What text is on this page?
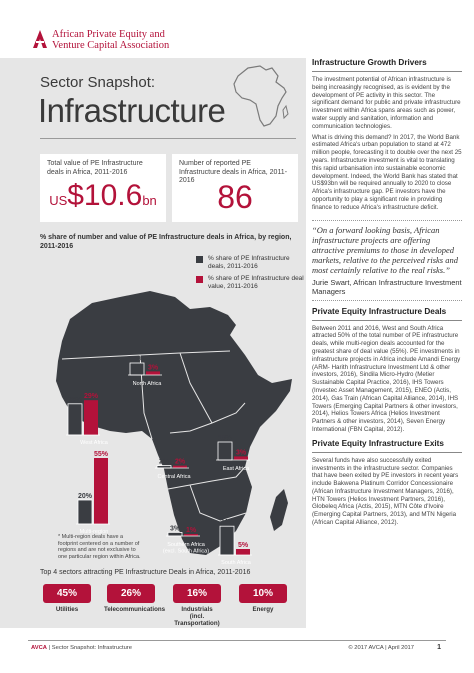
African Private Equity and
Venture Capital Association
Sector Snapshot:
Infrastructure
Total value of PE Infrastructure deals in Africa, 2011-2016
US$10.6bn
Number of reported PE Infrastructure deals in Africa, 2011-2016 86
% share of number and value of PE Infrastructure deals in Africa, by region, 2011-2016
% share of PE Infrastructure deals, 2011-2016
% share of PE Infrastructure deal value, 2011-2016
10%
3%
North Africa
26%
29%
West Africa
2% 2%
Central Africa
15%
3%
East Africa
20%
55%
Multi-region	3% 1%
Southern Africa
(excl. South Africa)
24%
5%
South Africa
* Multi-region deals have a footprint centered on a number of regions and are not exclusive to one particular region within Africa.
Top 4 sectors attracting PE Infrastructure Deals in Africa, 2011-2016
45%
Utilities
26%
Telecommunications
16%
Industrials
(incl. Transportation)
10%
Energy
Infrastructure Growth Drivers
The investment potential of African infrastructure is being increasingly recognised, as is evident by the development of PE activity in this sector. The significant demand for public and private infrastructure investment within Africa spans areas such as power, water supply and sanitation, information and communication technologies.
What is driving this demand? In 2017, the World Bank estimated Africa's urban population to stand at 472 million people, forecasting it to double over the next 25 years. Infrastructure investment is vital to translating this rapid urbanisation into sustainable economic development. Indeed, the World Bank has stated that US$93bn will be required annually to 2020 to close Africa's infrastructure gap. PE investors have the opportunity to play a significant role in providing finance to reduce Africa's infrastructure deficit.
“On a forward looking basis, African infrastructure projects are offering attractive premiums to those in developed markets, relative to the perceived risks and most certainly relative to the real risks.”
Jurie Swart, African Infrastructure Investment Managers
Private Equity Infrastructure Deals
Between 2011 and 2016, West and South Africa attracted 50% of the total number of PE infrastructure deals, while multi-region deals accounted for the greatest share of deal value (55%). PE investments in infrastructure projects in Africa include Amandi Energy (ARM- Harith Infrastructure Investment Ltd & other investors, 2016), Sindila Micro-Hydro (Metier Sustainable Capital Practice, 2016), IHS Towers (Investec Asset Management, 2015), ENEO (Actis, 2014), Gas Train (African Capital Alliance, 2014), IHS Towers (Emerging Capital Partners & other investors, 2014), Helios Towers Africa (Helios Investment Partners & other investors, 2014), Seven Energy International (FBN Capital, 2012).
Private Equity Infrastructure Exits
Several funds have also successfully exited investments in the infrastructure sector. Companies that have been exited by PE investors in recent years include Bakwena Platinum Corridor Concessionaire (African Infrastructure Investment Managers, 2016), HTN Towers (Helios Investment Partners, 2016), Globeleq Africa (Actis, 2015), MTN Côte d'Ivoire (Emerging Capital Partners, 2013), and MTN Nigeria (African Capital Alliance, 2012).
AVCA | Sector Snapshot: Infrastructure	© 2017 AVCA | April 2017	1
